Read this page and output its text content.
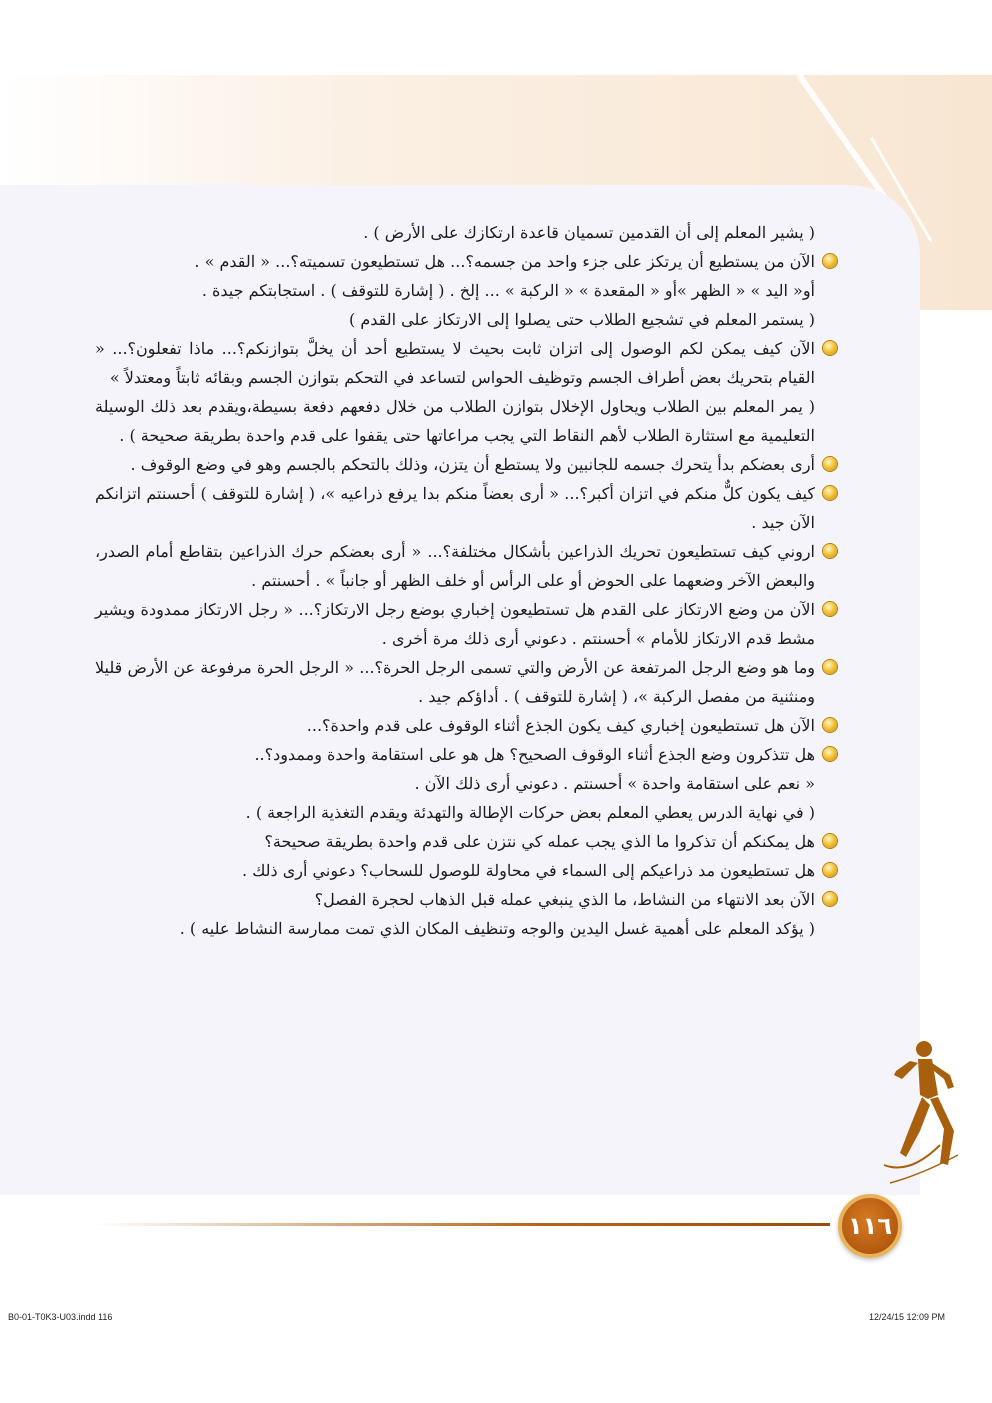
( يشير المعلم إلى أن القدمين تسميان قاعدة ارتكازك على الأرض ) .

الآن من يستطيع أن يرتكز على جزء واحد من جسمه؟... هل تستطيعون تسميته؟... « القدم » .

أو« اليد » « الظهر »أو « المقعدة » « الركبة » ... إلخ . ( إشارة للتوقف ) . استجابتكم جيدة .

( يستمر المعلم في تشجيع الطلاب حتى يصلوا إلى الارتكاز على القدم )

الآن كيف يمكن لكم الوصول إلى اتزان ثابت بحيث لا يستطيع أحد أن يخلَّ بتوازنكم؟... ماذا تفعلون؟... « القيام بتحريك بعض أطراف الجسم وتوظيف الحواس لتساعد في التحكم بتوازن الجسم وبقائه ثابتاً ومعتدلاً »

( يمر المعلم بين الطلاب ويحاول الإخلال بتوازن الطلاب من خلال دفعهم دفعة بسيطة،ويقدم بعد ذلك الوسيلة التعليمية مع استثارة الطلاب لأهم النقاط التي يجب مراعاتها حتى يقفوا على قدم واحدة بطريقة صحيحة ) .

أرى بعضكم بدأ يتحرك جسمه للجانبين ولا يستطع أن يتزن، وذلك بالتحكم بالجسم وهو في وضع الوقوف .

كيف يكون كلٌّ منكم في اتزان أكبر؟... « أرى بعضاً منكم بدا يرفع ذراعيه »، ( إشارة للتوقف ) أحسنتم اتزانكم الآن جيد .

اروني كيف تستطيعون تحريك الذراعين بأشكال مختلفة؟... « أرى بعضكم حرك الذراعين بتقاطع أمام الصدر، والبعض الآخر وضعهما على الحوض أو على الرأس أو خلف الظهر أو جانباً » . أحسنتم .

الآن من وضع الارتكاز على القدم هل تستطيعون إخباري بوضع رجل الارتكاز؟... « رجل الارتكاز ممدودة ويشير مشط قدم الارتكاز للأمام » أحسنتم . دعوني أرى ذلك مرة أخرى .

وما هو وضع الرجل المرتفعة عن الأرض والتي تسمى الرجل الحرة؟... « الرجل الحرة مرفوعة عن الأرض قليلا ومنثنية من مفصل الركبة »، ( إشارة للتوقف ) . أداؤكم جيد .

الآن هل تستطيعون إخباري كيف يكون الجذع أثناء الوقوف على قدم واحدة؟...

هل تتذكرون وضع الجذع أثناء الوقوف الصحيح؟ هل هو على استقامة واحدة وممدود؟..

« نعم على استقامة واحدة » أحسنتم . دعوني أرى ذلك الآن .

( في نهاية الدرس يعطي المعلم بعض حركات الإطالة والتهدئة ويقدم التغذية الراجعة ) .

هل يمكنكم أن تذكروا ما الذي يجب عمله كي نتزن على قدم واحدة بطريقة صحيحة؟

هل تستطيعون مد ذراعيكم إلى السماء في محاولة للوصول للسحاب؟ دعوني أرى ذلك .

الآن بعد الانتهاء من النشاط، ما الذي ينبغي عمله قبل الذهاب لحجرة الفصل؟

( يؤكد المعلم على أهمية غسل اليدين والوجه وتنظيف المكان الذي تمت ممارسة النشاط عليه ) .

١١٦
B0-01-T0K3-U03.indd 116	12/24/15 12:09 PM
